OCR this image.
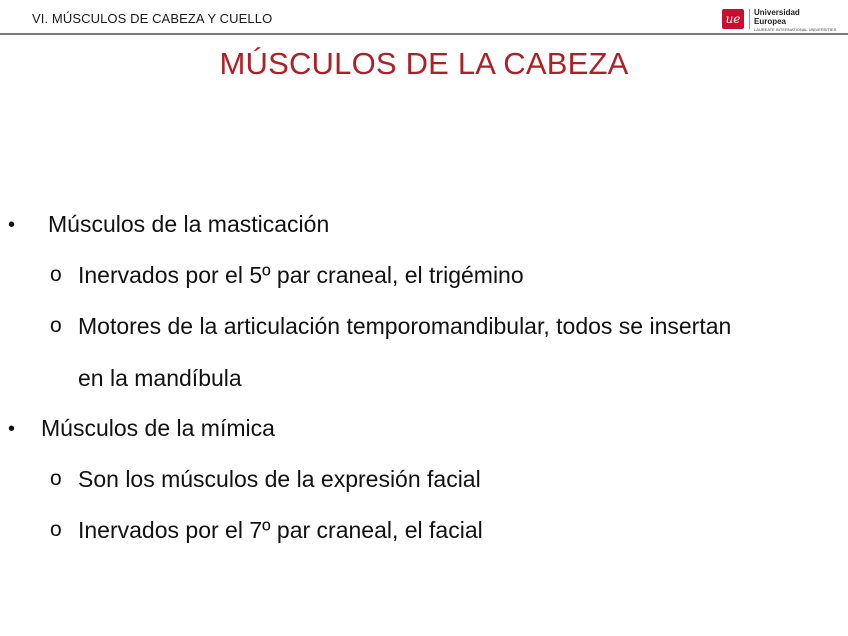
VI. MÚSCULOS DE CABEZA Y CUELLO	ue	Universidad
Europea
LAUREATE INTERNATIONAL UNIVERSITIES
MÚSCULOS DE LA CABEZA
• Músculos de la masticación
o Inervados por el 5º par craneal, el trigémino
o Motores de la articulación temporomandibular, todos se insertan
en la mandíbula
• Músculos de la mímica
o Son los músculos de la expresión facial
o Inervados por el 7º par craneal, el facial
